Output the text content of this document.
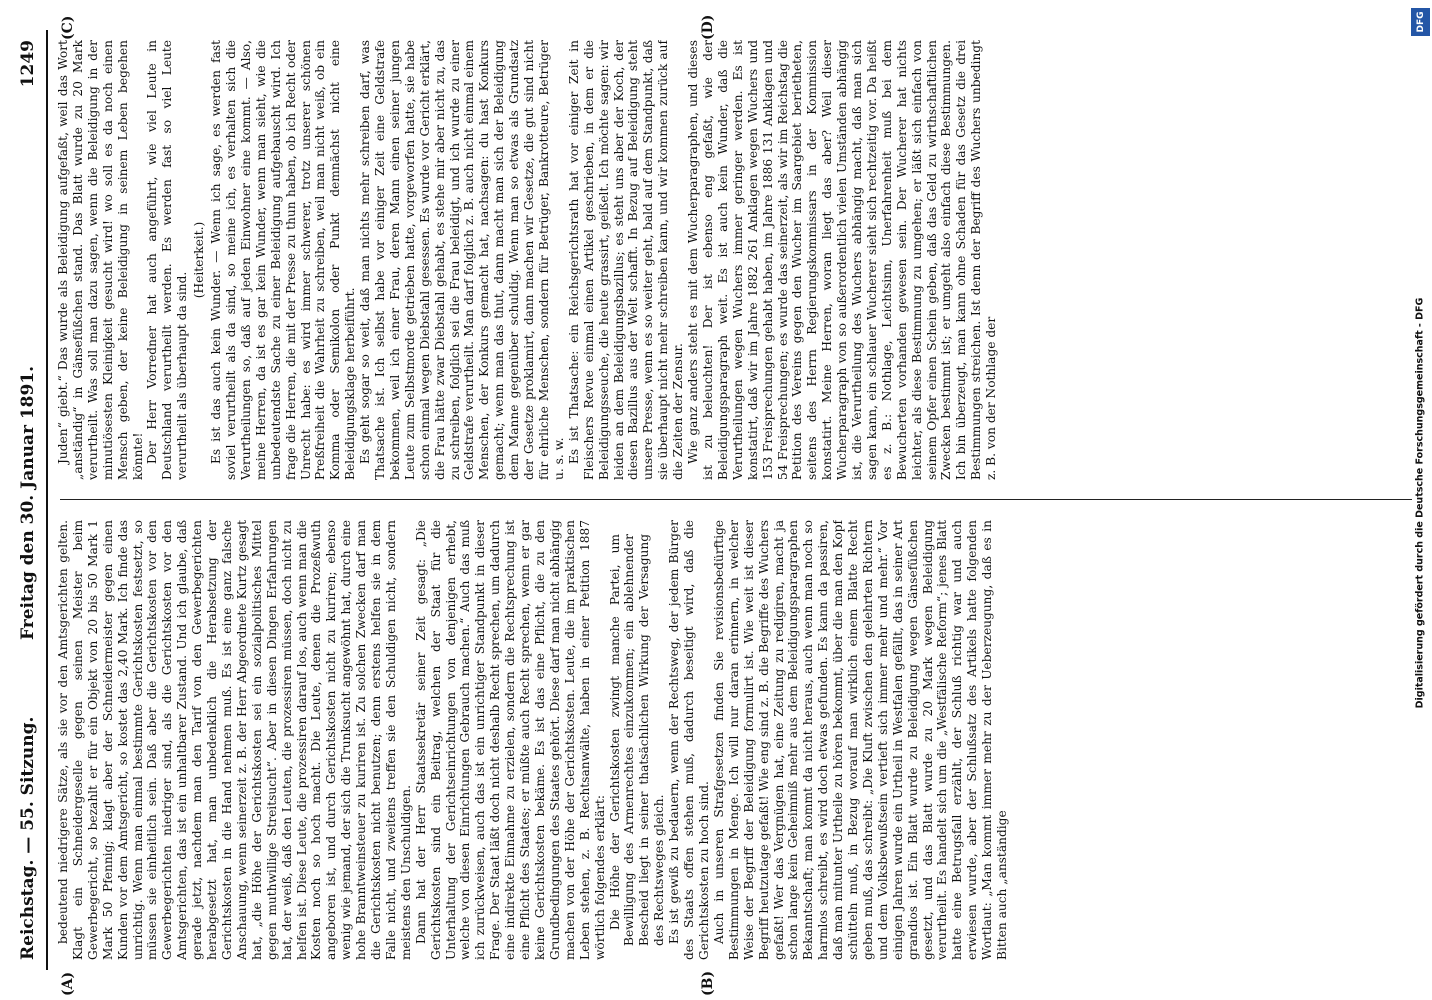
Reichstag. — 55. Sitzung.
Freitag den 30. Januar 1891.
1249

bedeutend niedrigere Sätze, als sie vor den Amtsgerichten gelten. Klagt ein Schneidergeselle gegen seinen Meister beim Gewerbegericht, so bezahlt er für ein Objekt von 20 bis 50 Mark 1 Mark 50 Pfennig; klagt aber der Schneidermeister gegen einen Kunden vor dem Amtsgericht, so kostet das 2,40 Mark. Ich finde das unrichtig. Wenn man einmal bestimmte Gerichtskosten festsetzt, so müssen sie einheitlich sein. Daß aber die Gerichtskosten vor den Gewerbegerichten niedriger sind, als die Gerichtskosten vor den Amtsgerichten, das ist ein unhaltbarer Zustand. Und ich glaube, daß gerade jetzt, nachdem man den Tarif von den Gewerbegerichten herabgesetzt hat, man unbedenklich die Herabsetzung der Gerichtskosten in die Hand nehmen muß. Es ist eine ganz falsche Anschauung, wenn seinerzeit z. B. der Herr Abgeordnete Kurtz gesagt hat, „die Höhe der Gerichtskosten sei ein sozialpolitisches Mittel gegen muthwillige Streitsucht“. Aber in diesen Dingen Erfahrungen hat, der weiß, daß den Leuten, die prozessiren müssen, doch nicht zu helfen ist. Diese Leute, die prozessiren darauf los, auch wenn man die Kosten noch so hoch macht. Die Leute, denen die Prozeßwuth angeboren ist, und durch Gerichtskosten nicht zu kuriren; ebenso wenig wie jemand, der sich die Trunksucht angewöhnt hat, durch eine hohe Branntweinsteuer zu kuriren ist. Zu solchen Zwecken darf man die Gerichtskosten nicht benutzen; denn erstens helfen sie in dem Falle nicht, und zweitens treffen sie den Schuldigen nicht, sondern meistens den Unschuldigen. Dann hat der Herr Staatssekretär seiner Zeit gesagt: „Die Gerichtskosten sind ein Beitrag, welchen der Staat für die Unterhaltung der Gerichtseinrichtungen von denjenigen erhebt, welche von diesen Einrichtungen Gebrauch machen.“ Auch das muß ich zurückweisen, auch das ist ein unrichtiger Standpunkt in dieser Frage. Der Staat läßt doch nicht deshalb Recht sprechen, um dadurch eine indirekte Einnahme zu erzielen, sondern die Rechtsprechung ist eine Pflicht des Staates; er müßte auch Recht sprechen, wenn er gar keine Gerichtskosten bekäme. Es ist das eine Pflicht, die zu den Grundbedingungen des Staates gehört. Diese darf man nicht abhängig machen von der Höhe der Gerichtskosten. Leute, die im praktischen Leben stehen, z. B. Rechtsanwälte, haben in einer Petition 1887 wörtlich folgendes erklärt: Die Höhe der Gerichtskosten zwingt manche Partei, um Bewilligung des Armenrechtes einzukommen; ein ablehnender Bescheid liegt in seiner thatsächlichen Wirkung der Versagung des Rechtsweges gleich. Es ist gewiß zu bedauern, wenn der Rechtsweg, der jedem Bürger des Staats offen stehen muß, dadurch beseitigt wird, daß die Gerichtskosten zu hoch sind. Auch in unseren Strafgesetzen finden Sie revisionsbedürftige Bestimmungen in Menge. Ich will nur daran erinnern, in welcher Weise der Begriff der Beleidigung formulirt ist. Wie weit ist dieser Begriff heutzutage gefaßt! Wie eng sind z. B. die Begriffe des Wuchers gefaßt! Wer das Vergnügen hat, eine Zeitung zu redigiren, macht ja schon lange kein Geheimniß mehr aus dem Beleidigungsparagraphen Bekanntschaft; man kommt da nicht heraus, auch wenn man noch so harmlos schreibt, es wird doch etwas gefunden. Es kann da passiren, daß man mitunter Urtheile zu hören bekommt, über die man den Kopf schütteln muß, in Bezug worauf man wirklich einem Blatte Recht geben muß, das schreibt: „Die Kluft zwischen den gelehrten Richtern und dem Volksbewußtsein vertieft sich immer mehr und mehr.“ Vor einigen Jahren wurde ein Urtheil in Westfalen gefällt, das in seiner Art grandios ist. Ein Blatt wurde zu Beleidigung wegen Gänsefüßchen gesetzt, und das Blatt wurde zu 20 Mark wegen Beleidigung verurtheilt. Es handelt sich um die „Westfälische Reform“; jenes Blatt hatte eine Betrugsfall erzählt, der Schluß richtig war und auch erwiesen wurde, aber der Schlußsatz des Artikels hatte folgenden Wortlaut: „Man kommt immer mehr zu der Ueberzeugung, daß es in Bitten auch „anständige

Juden“ giebt.“ Das wurde als Beleidigung aufgefaßt, weil das Wort „anständig“ in Gänsefüßchen stand. Das Blatt wurde zu 20 Mark verurtheilt. Was soll man dazu sagen, wenn die Beleidigung in der minutiösesten Kleinigkeit gesucht wird! wo soll es da noch einen Mensch geben, der keine Beleidigung in seinem Leben begehen könnte! Der Herr Vorredner hat auch angeführt, wie viel Leute in Deutschland verurtheilt werden. Es werden fast so viel Leute verurtheilt als überhaupt da sind.

(Heiterkeit.) Es ist das auch kein Wunder. — Wenn ich sage, es werden fast soviel verurtheilt als da sind, so meine ich, es verhalten sich die Verurtheilungen so, daß auf jeden Einwohner eine kommt. — Also, meine Herren, da ist es gar kein Wunder, wenn man sieht, wie die unbedeutendste Sache zu einer Beleidigung aufgebauscht wird. Ich frage die Herren, die mit der Presse zu thun haben, ob ich Recht oder Unrecht habe: es wird immer schwerer, trotz unserer schönen Preßfreiheit die Wahrheit zu schreiben, weil man nicht weiß, ob ein Komma oder Semikolon oder Punkt demnächst nicht eine Beleidigungsklage herbeiführt. Es geht sogar so weit, daß man nichts mehr schreiben darf, was Thatsache ist. Ich selbst habe vor einiger Zeit eine Geldstrafe bekommen, weil ich einer Frau, deren Mann einen seiner jungen Leute zum Selbstmorde getrieben hatte, vorgeworfen hatte, sie habe schon einmal wegen Diebstahl gesessen. Es wurde vor Gericht erklärt, die Frau hätte zwar Diebstahl gehabt, es stehe mir aber nicht zu, das zu schreiben, folglich sei die Frau beleidigt, und ich wurde zu einer Geldstrafe verurtheilt. Man darf folglich z. B. auch nicht einmal einem Menschen, der Konkurs gemacht hat, nachsagen: du hast Konkurs gemacht; wenn man das thut, dann macht man sich der Beleidigung dem Manne gegenüber schuldig. Wenn man so etwas als Grundsatz der Gesetze proklamirt, dann machen wir Gesetze, die gut sind nicht für ehrliche Menschen, sondern für Betrüger, Bankrotteure, Betrüger u. s. w. Es ist Thatsache: ein Reichsgerichtsrath hat vor einiger Zeit in Fleischers Revue einmal einen Artikel geschrieben, in dem er die Beleidigungsseuche, die heute grassirt, geißelt. Ich möchte sagen: wir leiden an dem Beleidigungsbazillus; es steht uns aber der Koch, der diesen Bazillus aus der Welt schafft. In Bezug auf Beleidigung steht unsere Presse, wenn es so weiter geht, bald auf dem Standpunkt, daß sie überhaupt nicht mehr schreiben kann, und wir kommen zurück auf die Zeiten der Zensur. Wie ganz anders steht es mit dem Wucherparagraphen, und dieses ist zu beleuchten! Der ist ebenso eng gefaßt, wie der Beleidigungsparagraph weit. Es ist auch kein Wunder, daß die Verurtheilungen wegen Wuchers immer geringer werden. Es ist konstatirt, daß wir im Jahre 1882 261 Anklagen wegen Wuchers und 153 Freisprechungen gehabt haben, im Jahre 1886 131 Anklagen und 54 Freisprechungen; es wurde das seinerzeit, als wir im Reichstag die Petition des Vereins gegen den Wucher im Saargebiet berietheten, seitens des Herrn Regierungskommissars in der Kommission konstatirt. Meine Herren, woran liegt das aber? Weil dieser Wucherparagraph von so außerordentlich vielen Umständen abhängig ist, die Verurtheilung des Wuchers abhängig macht, daß man sich sagen kann, ein schlauer Wucherer sieht sich rechtzeitig vor. Da heißt es z. B.: Nothlage, Leichtsinn, Unerfahrenheit muß bei dem Bewucherten vorhanden gewesen sein. Der Wucherer hat nichts leichter, als diese Bestimmung zu umgehen; er läßt sich einfach von seinem Opfer einen Schein geben, daß das Geld zu wirthschaftlichen Zwecken bestimmt ist; er umgeht also einfach diese Bestimmungen. Ich bin überzeugt, man kann ohne Schaden für das Gesetz die drei Bestimmungen streichen. Ist denn der Begriff des Wuchers unbedingt z. B. von der Nothlage der

(A)	(B)
(C)	(D)
Digitalisierung gefördert durch die Deutsche Forschungsgemeinschaft - DFG
DFG
